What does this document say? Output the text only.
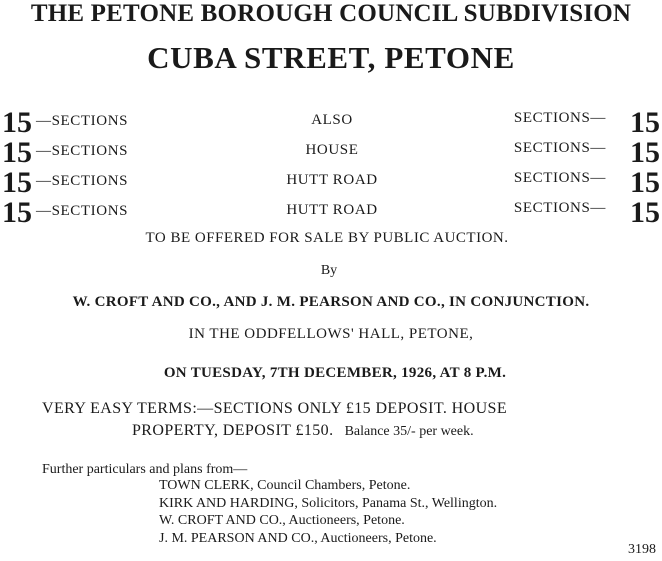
THE PETONE BOROUGH COUNCIL SUBDIVISION
CUBA STREET, PETONE
15 —SECTIONS	ALSO	SECTIONS— 15
15 —SECTIONS	HOUSE	SECTIONS— 15
15 —SECTIONS	HUTT ROAD	SECTIONS— 15
15 —SECTIONS	HUTT ROAD	SECTIONS— 15
TO BE OFFERED FOR SALE BY PUBLIC AUCTION.
By
W. CROFT AND CO., AND J. M. PEARSON AND CO., IN CONJUNCTION.
IN THE ODDFELLOWS' HALL, PETONE,
ON TUESDAY, 7TH DECEMBER, 1926, AT 8 P.M.
VERY EASY TERMS:—SECTIONS ONLY £15 DEPOSIT. HOUSE
PROPERTY, DEPOSIT £150. Balance 35/- per week.
Further particulars and plans from—
TOWN CLERK, Council Chambers, Petone.
KIRK AND HARDING, Solicitors, Panama St., Wellington.
W. CROFT AND CO., Auctioneers, Petone.
J. M. PEARSON AND CO., Auctioneers, Petone.
3198
